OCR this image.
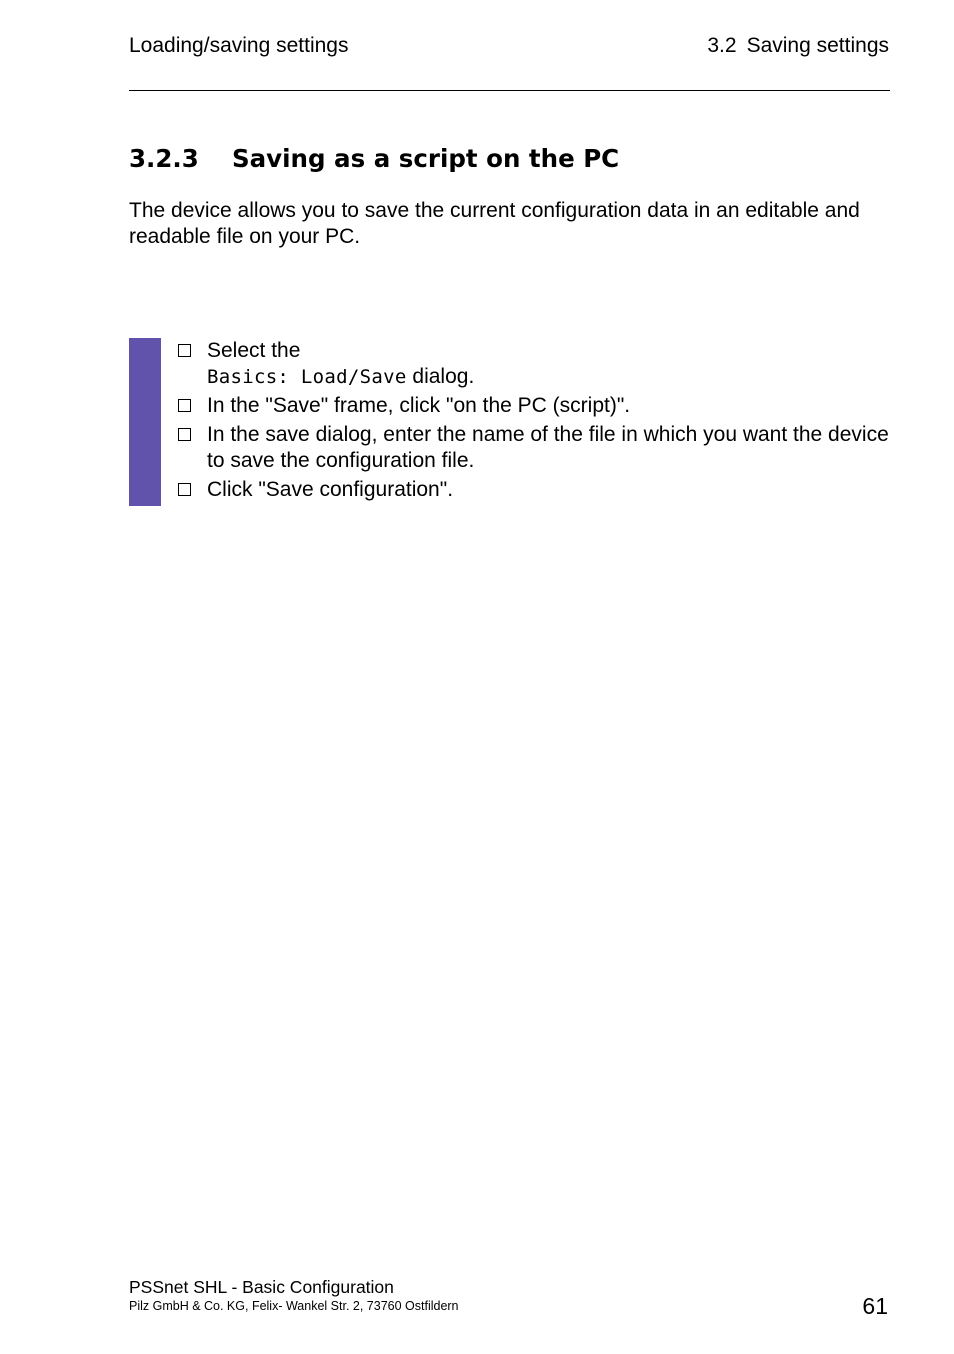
Loading/saving settings	3.2 Saving settings
3.2.3 Saving as a script on the PC

The device allows you to save the current configuration data in an editable and readable file on your PC.

Select the
Basics: Load/Save dialog.
In the "Save" frame, click "on the PC (script)".
In the save dialog, enter the name of the file in which you want the device to save the configuration file.
Click "Save configuration".
PSSnet SHL - Basic Configuration
Pilz GmbH & Co. KG, Felix- Wankel Str. 2, 73760 Ostfildern	61
